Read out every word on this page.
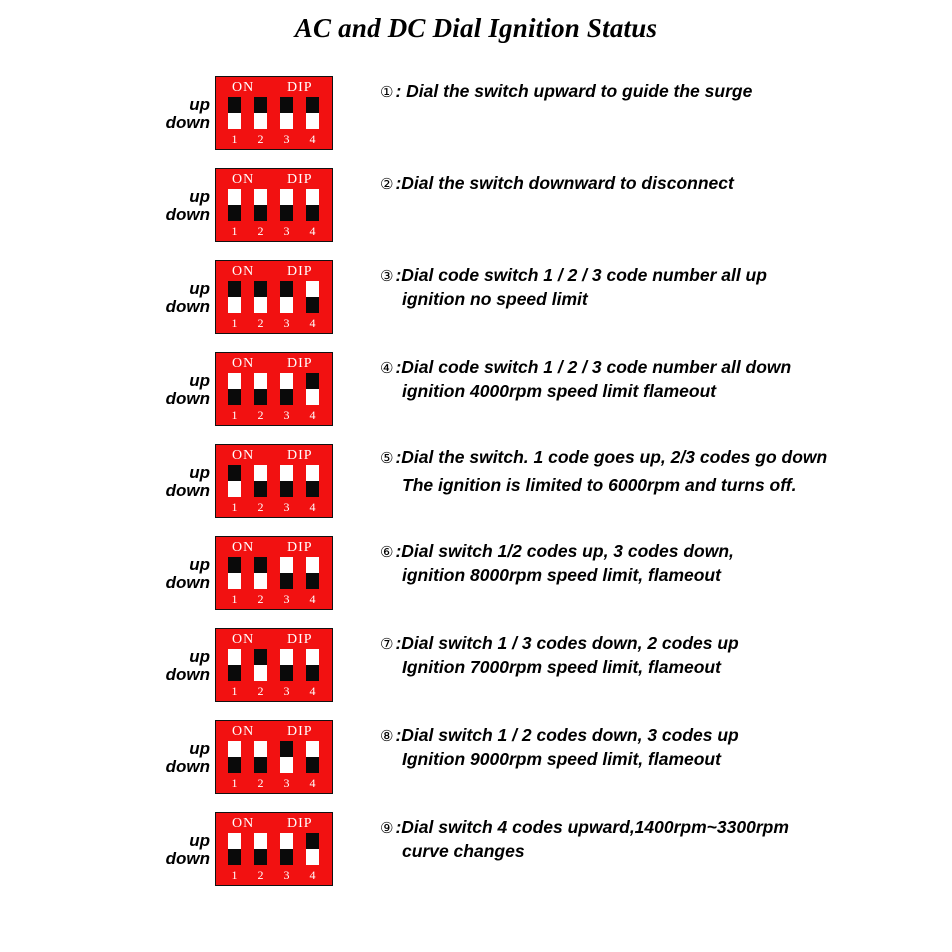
AC and DC Dial Ignition Status
up
down
ON DIP
1 2 3 4
① : Dial the switch upward to guide the surge
up
down
ON DIP
1 2 3 4
② :Dial the switch downward to disconnect
up
down
ON DIP
1 2 3 4
③ :Dial code switch 1 / 2 / 3 code number all up
ignition no speed limit
up
down
ON DIP
1 2 3 4
④ :Dial code switch 1 / 2 / 3 code number all down
ignition 4000rpm speed limit flameout
up
down
ON DIP
1 2 3 4
⑤ :Dial the switch. 1 code goes up, 2/3 codes go down
The ignition is limited to 6000rpm and turns off.
up
down
ON DIP
1 2 3 4
⑥ :Dial switch 1/2 codes up, 3 codes down,
ignition 8000rpm speed limit, flameout
up
down
ON DIP
1 2 3 4
⑦ :Dial switch 1 / 3 codes down, 2 codes up
Ignition 7000rpm speed limit, flameout
up
down
ON DIP
1 2 3 4
⑧ :Dial switch 1 / 2 codes down, 3 codes up
Ignition 9000rpm speed limit, flameout
up
down
ON DIP
1 2 3 4
⑨ :Dial switch 4 codes upward,1400rpm~3300rpm
curve changes
